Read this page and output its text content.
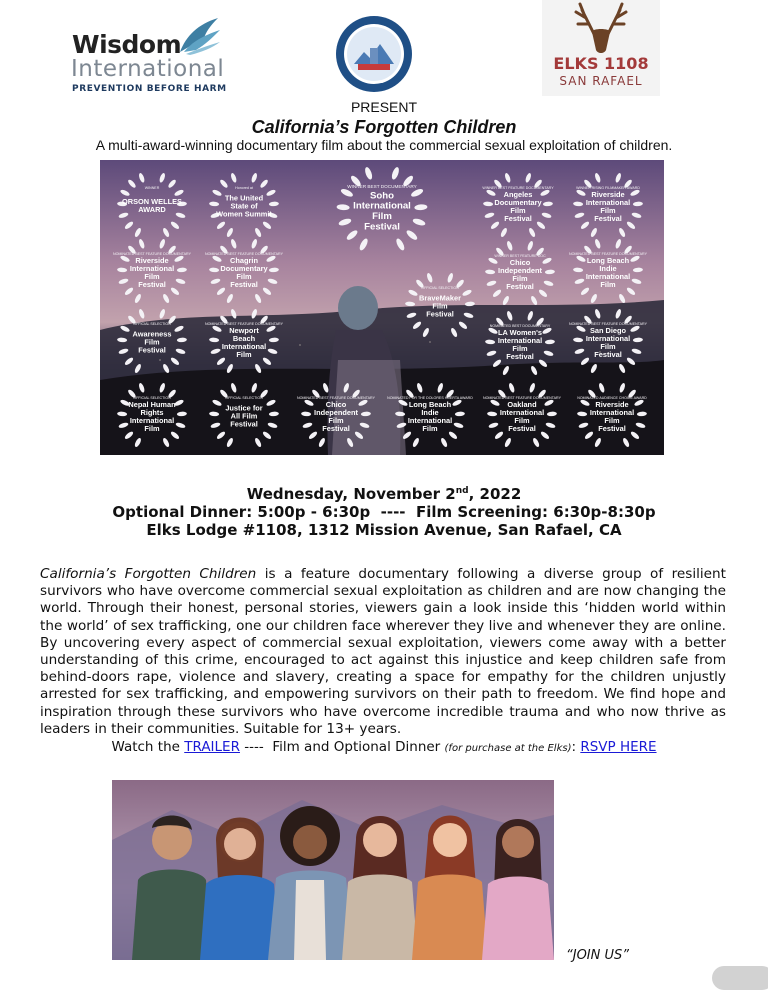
Wisdom
International
PREVENTION BEFORE HARM
ELKS 1108
SAN RAFAEL
PRESENT
California’s Forgotten Children
A multi-award-winning documentary film about the commercial sexual exploitation of children.
WINNER
ORSON WELLES
AWARD
Honored at
The United
State of
Women Summit
WINNER BEST DOCUMENTARY
Soho
International
Film
Festival
WINNER BEST FEATURE DOCUMENTARY
Angeles
Documentary
Film
Festival
WINNER RISING FILMMAKER AWARD
Riverside
International
Film
Festival
NOMINATED BEST FEATURE DOCUMENTARY
Riverside
International
Film
Festival
NOMINATED BEST FEATURE DOCUMENTARY
Chagrin
Documentary
Film
Festival
WINNER BEST FEATURE DOC
Chico
Independent
Film
Festival
NOMINATED BEST FEATURE DOCUMENTARY
Long Beach
Indie
International
Film
OFFICIAL SELECTION
BraveMaker
Film
Festival
OFFICIAL SELECTION
Awareness
Film
Festival
NOMINATED BEST FEATURE DOCUMENTARY
Newport
Beach
International
Film
NOMINATED BEST DOCUMENTARY
LA Women's
International
Film
Festival
NOMINATED BEST FEATURE DOCUMENTARY
San Diego
International
Film
Festival
OFFICIAL SELECTION
Nepal Human
Rights
International
Film
OFFICIAL SELECTION
Justice for
All Film
Festival
NOMINATED BEST FEATURE DOCUMENTARY
Chico
Independent
Film
Festival
NOMINATED FOR THE DOLORES HUERTA AWARD
Long Beach
Indie
International
Film
NOMINATED BEST FEATURE DOCUMENTARY
Oakland
International
Film
Festival
NOMINATED AUDIENCE CHOICE AWARD
Riverside
International
Film
Festival
Wednesday, November 2nd, 2022
Optional Dinner: 5:00p - 6:30p  ----  Film Screening: 6:30p-8:30p
Elks Lodge #1108, 1312 Mission Avenue, San Rafael, CA
California’s Forgotten Children is a feature documentary following a diverse group of resilient survivors who have overcome commercial sexual exploitation as children and are now changing the world. Through their honest, personal stories, viewers gain a look inside this ‘hidden world within the world’ of sex trafficking, one our children face wherever they live and whenever they are online. By uncovering every aspect of commercial sexual exploitation, viewers come away with a better understanding of this crime, encouraged to act against this injustice and keep children safe from behind-doors rape, violence and slavery, creating a space for empathy for the children unjustly arrested for sex trafficking, and empowering survivors on their path to freedom. We find hope and inspiration through these survivors who have overcome incredible trauma and who now thrive as leaders in their communities. Suitable for 13+ years.
Watch the TRAILER ----  Film and Optional Dinner (for purchase at the Elks): RSVP HERE
“JOIN US”
